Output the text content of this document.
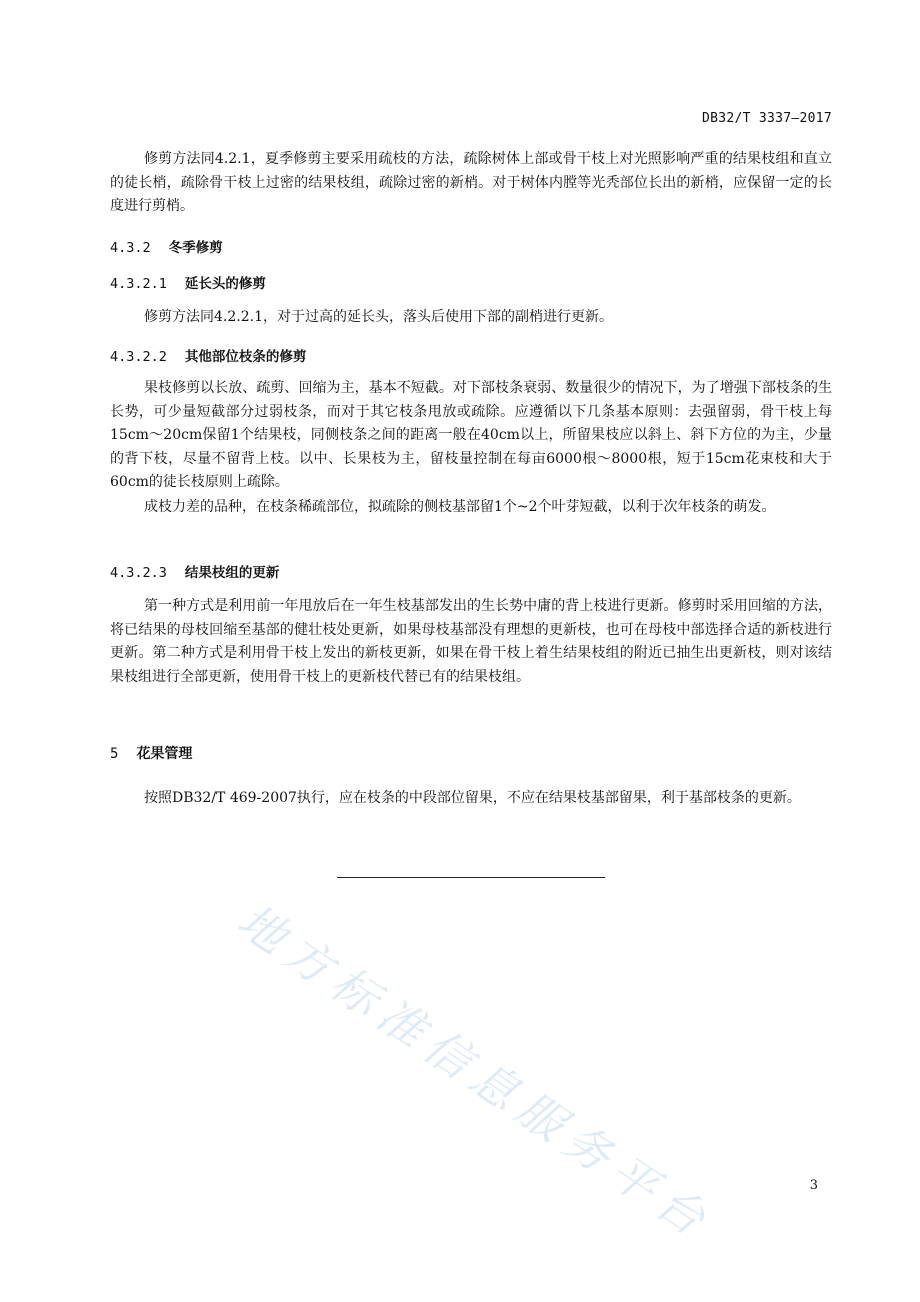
DB32/T 3337—2017

修剪方法同4.2.1，夏季修剪主要采用疏枝的方法，疏除树体上部或骨干枝上对光照影响严重的结果枝组和直立的徒长梢，疏除骨干枝上过密的结果枝组，疏除过密的新梢。对于树体内膛等光秃部位长出的新梢，应保留一定的长度进行剪梢。

4.3.2 冬季修剪
4.3.2.1 延长头的修剪

修剪方法同4.2.2.1，对于过高的延长头，落头后使用下部的副梢进行更新。

4.3.2.2 其他部位枝条的修剪

果枝修剪以长放、疏剪、回缩为主，基本不短截。对下部枝条衰弱、数量很少的情况下，为了增强下部枝条的生长势，可少量短截部分过弱枝条，而对于其它枝条甩放或疏除。应遵循以下几条基本原则：去强留弱，骨干枝上每15cm～20cm保留1个结果枝，同侧枝条之间的距离一般在40cm以上，所留果枝应以斜上、斜下方位的为主，少量的背下枝，尽量不留背上枝。以中、长果枝为主，留枝量控制在每亩6000根～8000根，短于15cm花束枝和大于60cm的徒长枝原则上疏除。

成枝力差的品种，在枝条稀疏部位，拟疏除的侧枝基部留1个~2个叶芽短截，以利于次年枝条的萌发。

4.3.2.3 结果枝组的更新

第一种方式是利用前一年甩放后在一年生枝基部发出的生长势中庸的背上枝进行更新。修剪时采用回缩的方法，将已结果的母枝回缩至基部的健壮枝处更新，如果母枝基部没有理想的更新枝，也可在母枝中部选择合适的新枝进行更新。第二种方式是利用骨干枝上发出的新枝更新，如果在骨干枝上着生结果枝组的附近已抽生出更新枝，则对该结果枝组进行全部更新，使用骨干枝上的更新枝代替已有的结果枝组。

5 花果管理

按照DB32/T 469-2007执行，应在枝条的中段部位留果，不应在结果枝基部留果，利于基部枝条的更新。

地方标准信息服务平台	3
